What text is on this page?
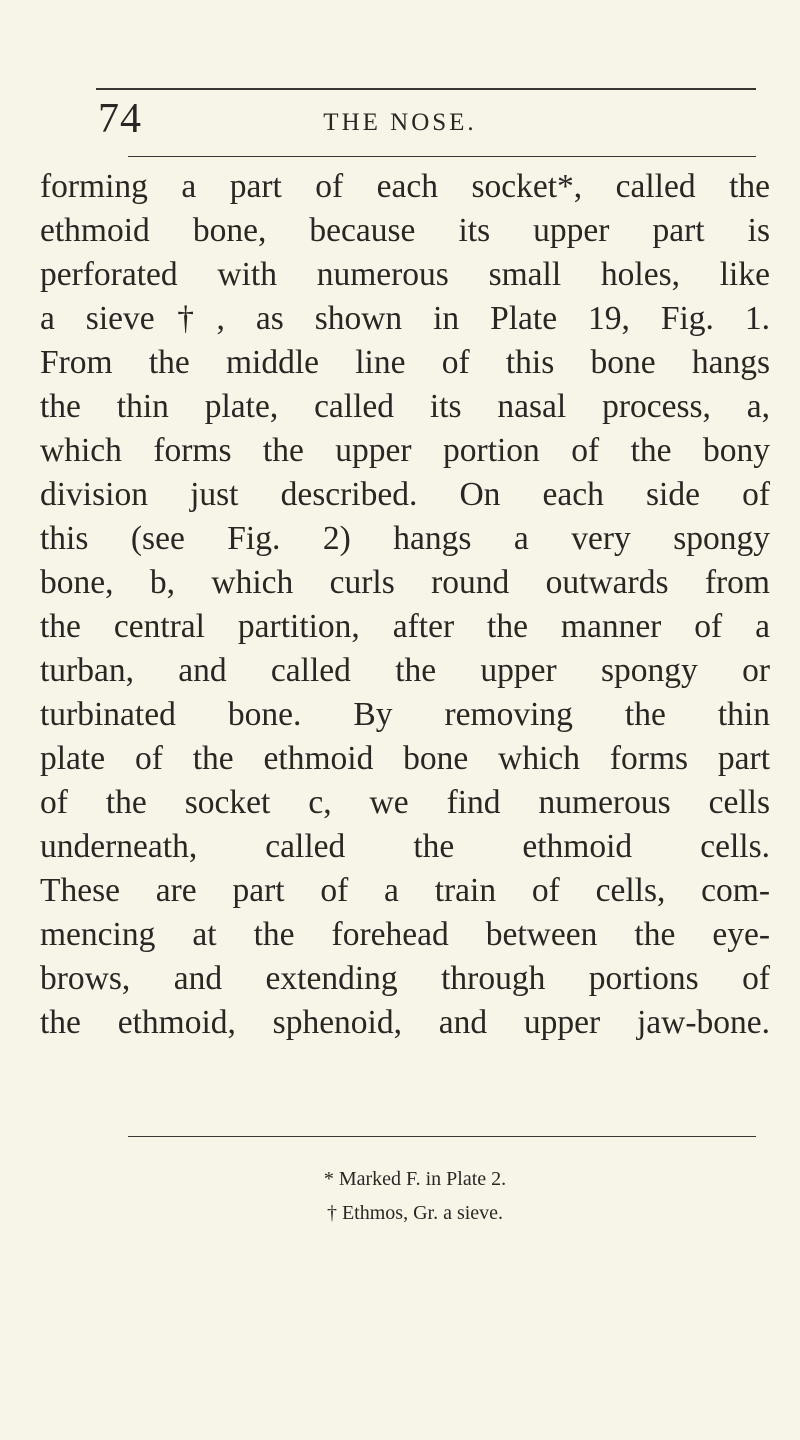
74	THE NOSE.
forming a part of each socket*, called the
ethmoid bone, because its upper part is
perforated with numerous small holes, like
a sieve†, as shown in Plate 19, Fig. 1.
From the middle line of this bone hangs
the thin plate, called its nasal process, a,
which forms the upper portion of the bony
division just described. On each side of
this (see Fig. 2) hangs a very spongy
bone, b, which curls round outwards from
the central partition, after the manner of a
turban, and called the upper spongy or
turbinated bone. By removing the thin
plate of the ethmoid bone which forms part
of the socket c, we find numerous cells
underneath, called the ethmoid cells.
These are part of a train of cells, com-
mencing at the forehead between the eye-
brows, and extending through portions of
the ethmoid, sphenoid, and upper jaw-bone.
* Marked F. in Plate 2.
† Ethmos, Gr. a sieve.
